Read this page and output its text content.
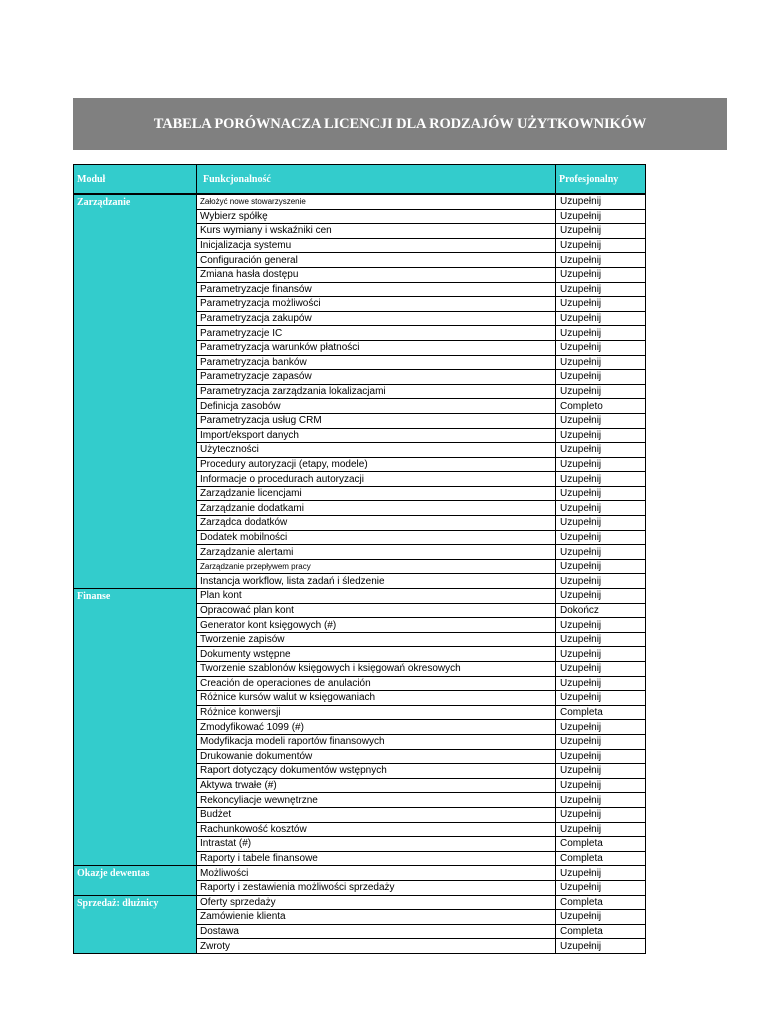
TABELA PORÓWNACZA LICENCJI DLA RODZAJÓW UŻYTKOWNIKÓW
Moduł	Funkcjonalność	Profesjonalny
Zarządzanie	Założyć nowe stowarzyszenie	Uzupełnij
	Wybierz spółkę	Uzupełnij
	Kurs wymiany i wskaźniki cen	Uzupełnij
	Inicjalizacja systemu	Uzupełnij
	Configuración general	Uzupełnij
	Zmiana hasła dostępu	Uzupełnij
	Parametryzacje finansów	Uzupełnij
	Parametryzacja możliwości	Uzupełnij
	Parametryzacja zakupów	Uzupełnij
	Parametryzacje IC	Uzupełnij
	Parametryzacja warunków płatności	Uzupełnij
	Parametryzacja banków	Uzupełnij
	Parametryzacje zapasów	Uzupełnij
	Parametryzacja zarządzania lokalizacjami	Uzupełnij
	Definicja zasobów	Completo
	Parametryzacja usług CRM	Uzupełnij
	Import/eksport danych	Uzupełnij
	Użyteczności	Uzupełnij
	Procedury autoryzacji (etapy, modele)	Uzupełnij
	Informacje o procedurach autoryzacji	Uzupełnij
	Zarządzanie licencjami	Uzupełnij
	Zarządzanie dodatkami	Uzupełnij
	Zarządca dodatków	Uzupełnij
	Dodatek mobilności	Uzupełnij
	Zarządzanie alertami	Uzupełnij
	Zarządzanie przepływem pracy	Uzupełnij
	Instancja workflow, lista zadań i śledzenie	Uzupełnij
Finanse	Plan kont	Uzupełnij
	Opracować plan kont	Dokończ
	Generator kont księgowych (#)	Uzupełnij
	Tworzenie zapisów	Uzupełnij
	Dokumenty wstępne	Uzupełnij
	Tworzenie szablonów księgowych i księgowań okresowych	Uzupełnij
	Creación de operaciones de anulación	Uzupełnij
	Różnice kursów walut w księgowaniach	Uzupełnij
	Różnice konwersji	Completa
	Zmodyfikować 1099 (#)	Uzupełnij
	Modyfikacja modeli raportów finansowych	Uzupełnij
	Drukowanie dokumentów	Uzupełnij
	Raport dotyczący dokumentów wstępnych	Uzupełnij
	Aktywa trwałe (#)	Uzupełnij
	Rekoncyliacje wewnętrzne	Uzupełnij
	Budżet	Uzupełnij
	Rachunkowość kosztów	Uzupełnij
	Intrastat (#)	Completa
	Raporty i tabele finansowe	Completa
Okazje dewentas	Możliwości	Uzupełnij
	Raporty i zestawienia możliwości sprzedaży	Uzupełnij
Sprzedaż: dłużnicy	Oferty sprzedaży	Completa
	Zamówienie klienta	Uzupełnij
	Dostawa	Completa
	Zwroty	Uzupełnij
